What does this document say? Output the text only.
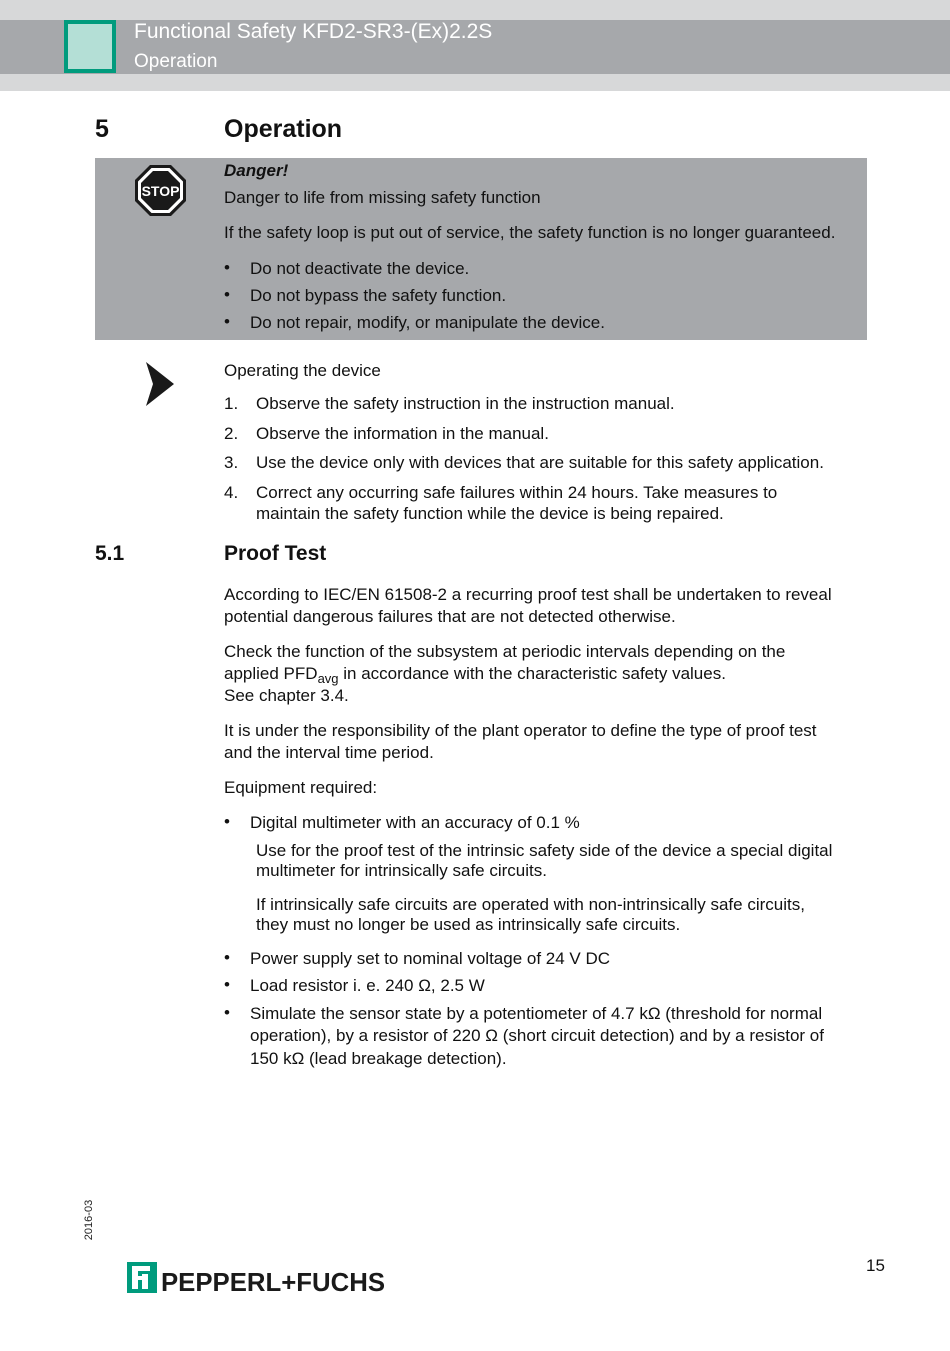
Functional Safety KFD2-SR3-(Ex)2.2S
Operation
5	Operation
STOP
Danger!
Danger to life from missing safety function
If the safety loop is put out of service, the safety function is no longer guaranteed.
• Do not deactivate the device.
• Do not bypass the safety function.
• Do not repair, modify, or manipulate the device.
Operating the device
1. Observe the safety instruction in the instruction manual.
2. Observe the information in the manual.
3. Use the device only with devices that are suitable for this safety application.
4. Correct any occurring safe failures within 24 hours. Take measures to
maintain the safety function while the device is being repaired.
5.1	Proof Test
According to IEC/EN 61508-2 a recurring proof test shall be undertaken to reveal
potential dangerous failures that are not detected otherwise.
Check the function of the subsystem at periodic intervals depending on the
applied $PFD_{avg}$ in accordance with the characteristic safety values.
See chapter 3.4.
It is under the responsibility of the plant operator to define the type of proof test
and the interval time period.
Equipment required:
• Digital multimeter with an accuracy of 0.1 %
Use for the proof test of the intrinsic safety side of the device a special digital
multimeter for intrinsically safe circuits.
If intrinsically safe circuits are operated with non-intrinsically safe circuits,
they must no longer be used as intrinsically safe circuits.
• Power supply set to nominal voltage of 24 V DC
• Load resistor i. e. 240 Ω, 2.5 W
• Simulate the sensor state by a potentiometer of 4.7 kΩ (threshold for normal
operation), by a resistor of 220 Ω (short circuit detection) and by a resistor of
150 kΩ (lead breakage detection).
2016-03
PEPPERL+FUCHS
15
